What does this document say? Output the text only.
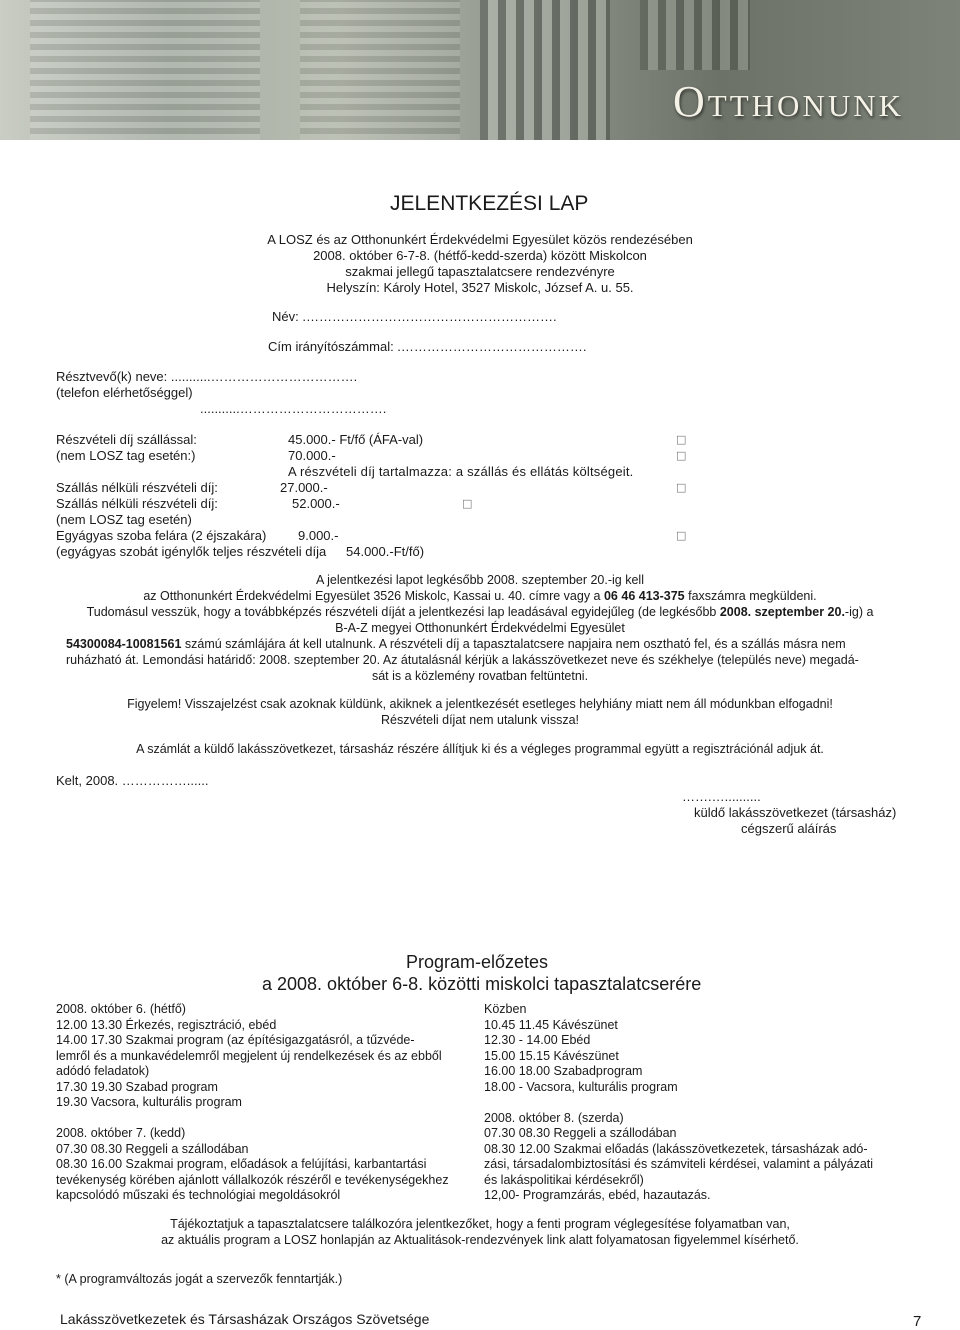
Otthonunk
JELENTKEZÉSI LAP
A LOSZ és az Otthonunkért Érdekvédelmi Egyesület közös rendezésében
2008. október 6-7-8. (hétfő-kedd-szerda) között Miskolcon
szakmai jellegű tapasztalatcsere rendezvényre
Helyszín: Károly Hotel, 3527 Miskolc, József A. u. 55.
Név: .………………………………………………….
Cím irányítószámmal: .…………………………………….
Résztvevő(k) neve: ...........…………………………….
(telefon elérhetőséggel)
...........…………………………….
Részvételi díj szállással:	45.000.- Ft/fő (ÁFA-val)	□
(nem LOSZ tag esetén:)	70.000.-	□
A részvételi díj tartalmazza: a szállás és ellátás költségeit.
Szállás nélküli részvételi díj:	27.000.-	□
Szállás nélküli részvételi díj:	52.000.-	□
(nem LOSZ tag esetén)
Egyágyas szoba felára (2 éjszakára) 9.000.-	□
(egyágyas szobát igénylők teljes részvételi díja 54.000.-Ft/fő)
A jelentkezési lapot legkésőbb 2008. szeptember 20.-ig kell
az Otthonunkért Érdekvédelmi Egyesület 3526 Miskolc, Kassai u. 40. címre vagy a 06 46 413-375 faxszámra megküldeni.
Tudomásul vesszük, hogy a továbbképzés részvételi díját a jelentkezési lap leadásával egyidejűleg (de legkésőbb 2008. szeptember 20.-ig) a
B-A-Z megyei Otthonunkért Érdekvédelmi Egyesület
54300084-10081561 számú számlájára át kell utalnunk. A részvételi díj a tapasztalatcsere napjaira nem oszthatό fel, és a szállás másra nem
ruházható át. Lemondási határidő: 2008. szeptember 20. Az átutalásnál kérjük a lakásszövetkezet neve és székhelye (település neve) megadá-
sát is a közlemény rovatban feltüntetni.
Figyelem! Visszajelzést csak azoknak küldünk, akiknek a jelentkezését esetleges helyhiány miatt nem áll módunkban elfogadni!
Részvételi díjat nem utalunk vissza!
A számlát a küldő lakásszövetkezet, társasház részére állítjuk ki és a végleges programmal együtt a regisztrációnál adjuk át.
Kelt, 2008. ……………......
…….…..........
küldő lakásszövetkezet (társasház)
cégszerű aláírás
Program-előzetes
a 2008. október 6-8. közötti miskolci tapasztalatcserére
2008. október 6. (hétfő)
12.00 13.30 Érkezés, regisztráció, ebéd
14.00 17.30 Szakmai program (az építésigazgatásról, a tűzvéde-
lemről és a munkavédelemről megjelent új rendelkezések és az ebből
adódó feladatok)
17.30 19.30 Szabad program
19.30 Vacsora, kulturális program
2008. október 7. (kedd)
07.30 08.30 Reggeli a szállodában
08.30 16.00 Szakmai program, előadások a felújítási, karbantartási
tevékenység körében ajánlott vállalkozók részéről e tevékenységekhez
kapcsolódó műszaki és technológiai megoldásokról
Közben
10.45 11.45 Kávészünet
12.30 - 14.00 Ebéd
15.00 15.15 Kávészünet
16.00 18.00 Szabadprogram
18.00 - Vacsora, kulturális program
2008. október 8. (szerda)
07.30 08.30 Reggeli a szállodában
08.30 12.00 Szakmai előadás (lakásszövetkezetek, társasházak adó-
zási, társadalombiztosítási és számviteli kérdései, valamint a pályázati
és lakáspolitikai kérdésekről)
12,00- Programzárás, ebéd, hazautazás.
Tájékoztatjuk a tapasztalatcsere találkozóra jelentkezőket, hogy a fenti program véglegesítése folyamatban van,
az aktuális program a LOSZ honlapján az Aktualitások-rendezvények link alatt folyamatosan figyelemmel kísérhető.
* (A programváltozás jogát a szervezők fenntartják.)
Lakásszövetkezetek és Társasházak Országos Szövetsége	7
